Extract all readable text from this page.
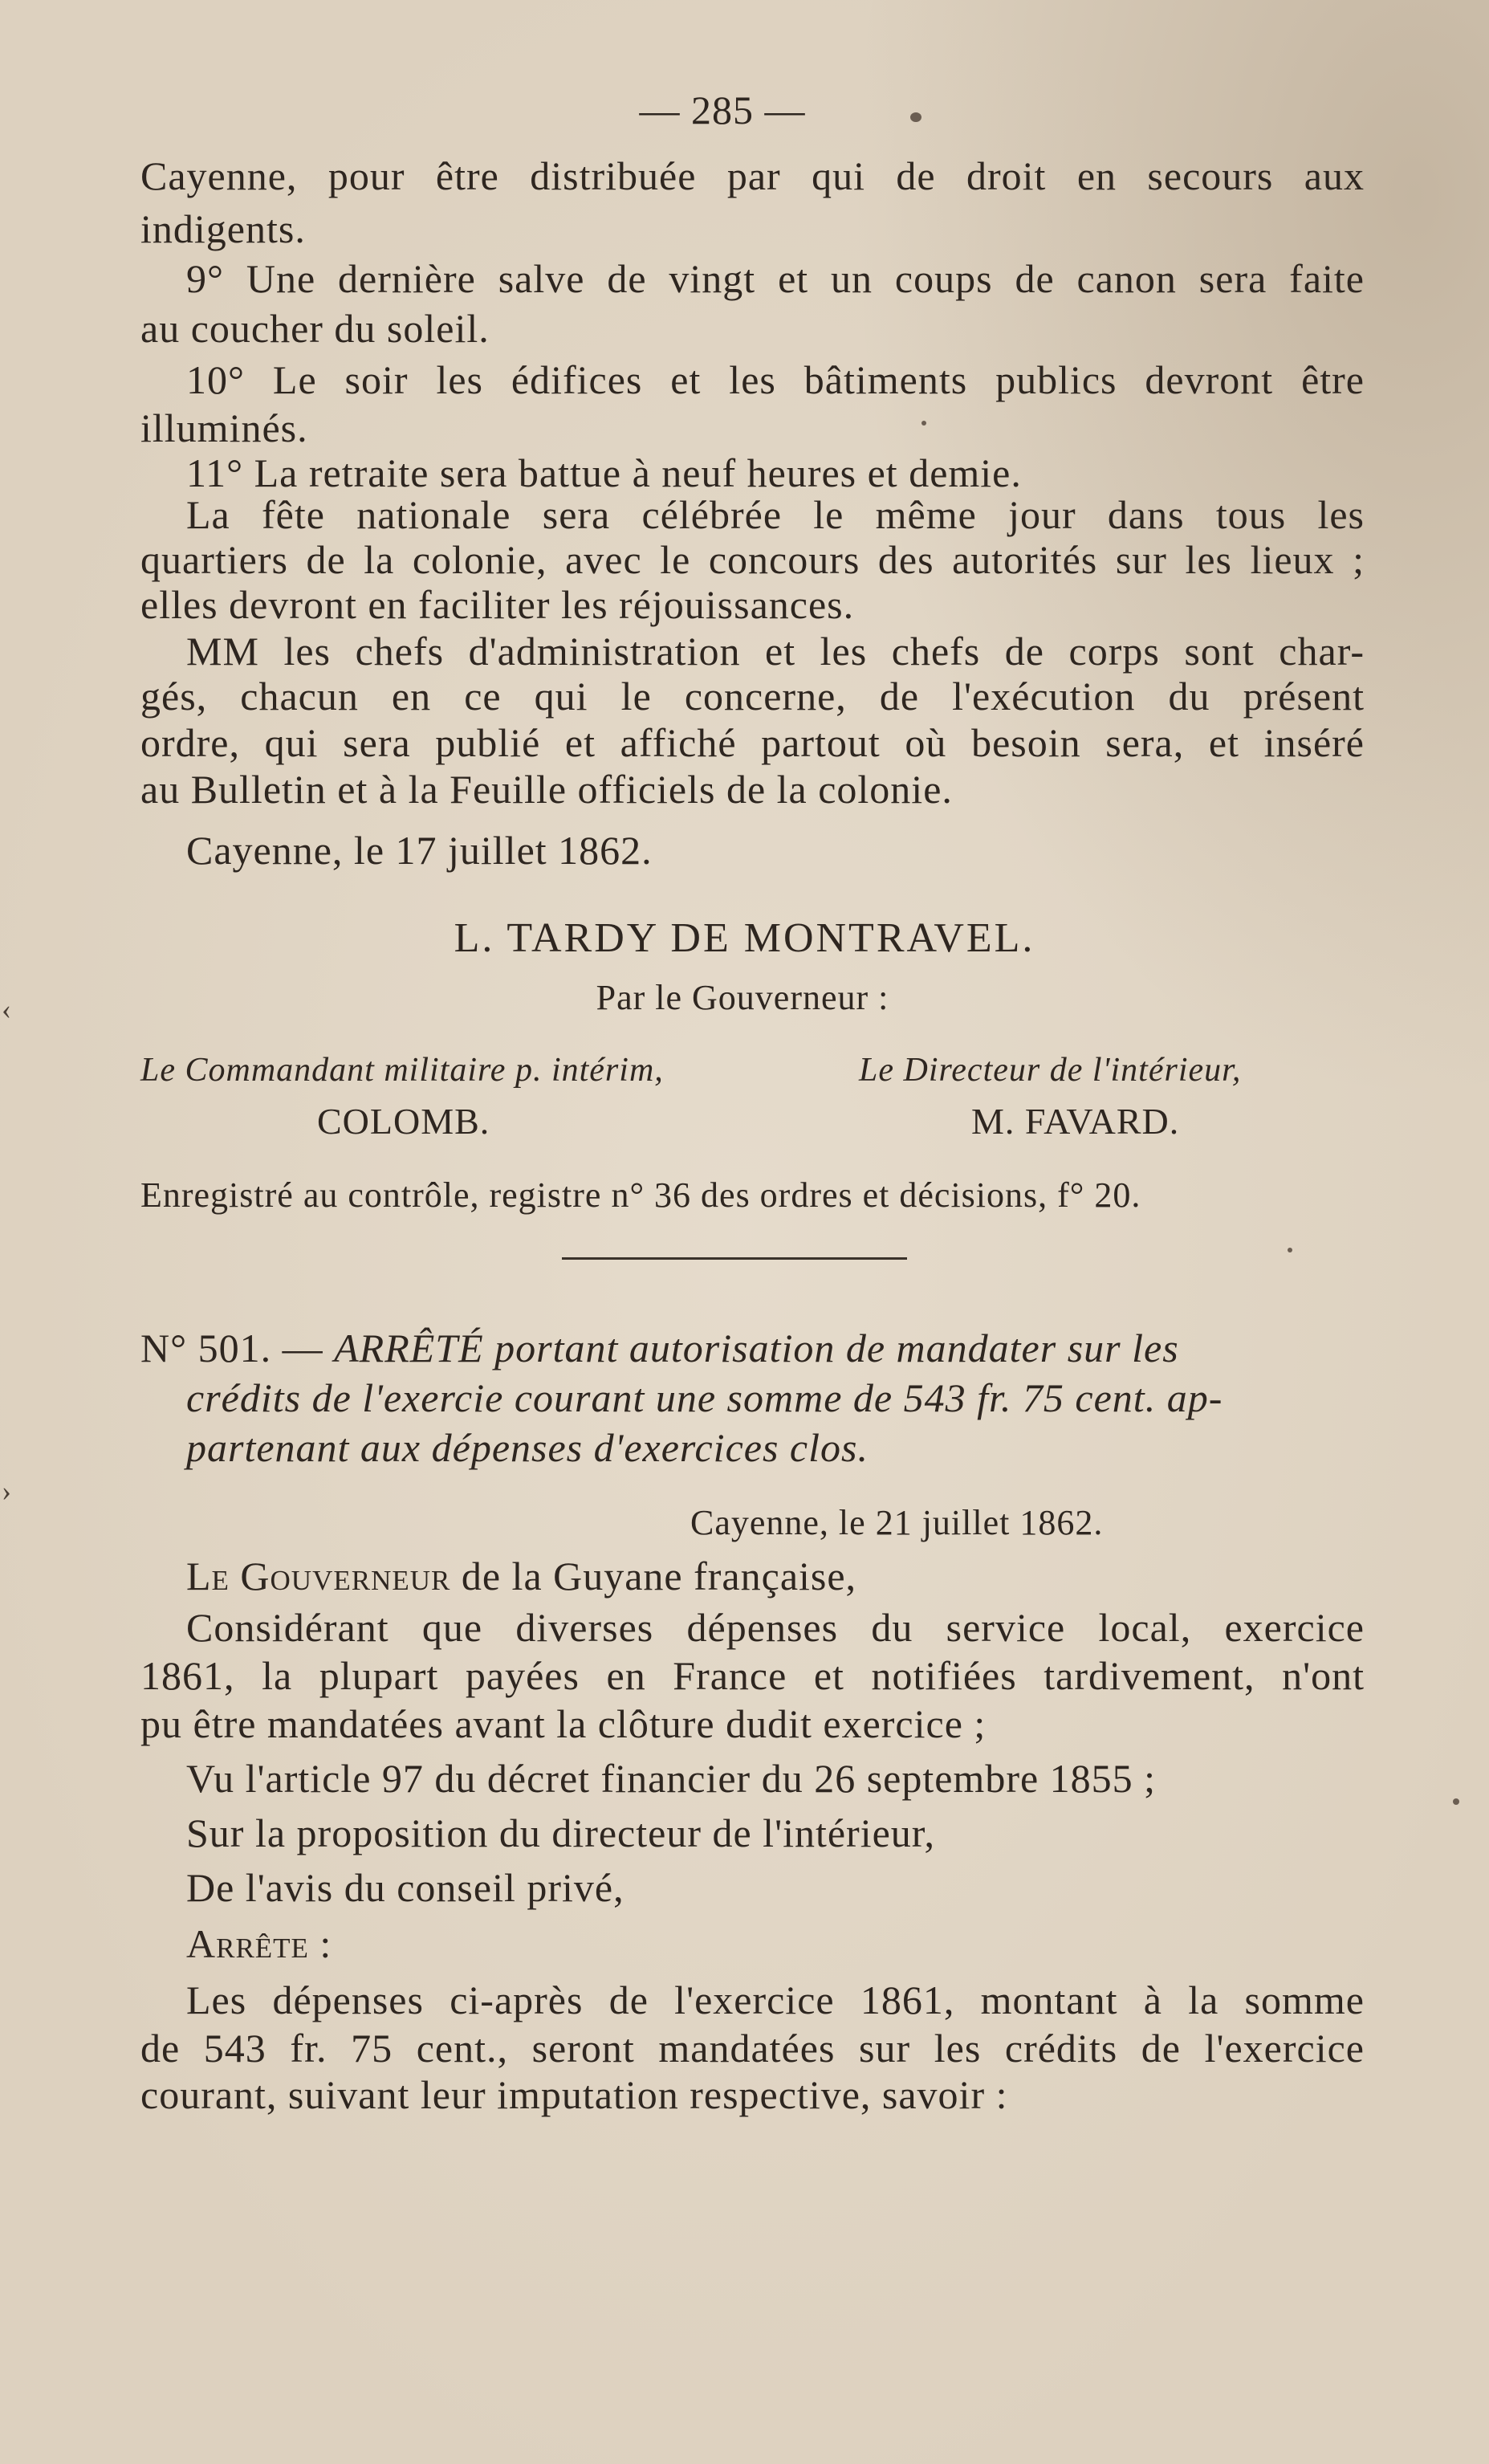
— 285 —
Cayenne, pour être distribuée par qui de droit en secours aux
indigents.
9° Une dernière salve de vingt et un coups de canon sera faite
au coucher du soleil.
10° Le soir les édifices et les bâtiments publics devront être
illuminés.
11° La retraite sera battue à neuf heures et demie.
La fête nationale sera célébrée le même jour dans tous les
quartiers de la colonie, avec le concours des autorités sur les lieux ;
elles devront en faciliter les réjouissances.
MM les chefs d'administration et les chefs de corps sont char-
gés, chacun en ce qui le concerne, de l'exécution du présent
ordre, qui sera publié et affiché partout où besoin sera, et inséré
au Bulletin et à la Feuille officiels de la colonie.
Cayenne, le 17 juillet 1862.
L. TARDY DE MONTRAVEL.
Par le Gouverneur :
Le Commandant militaire p. intérim,	Le Directeur de l'intérieur,
COLOMB.	M. FAVARD.
Enregistré au contrôle, registre n° 36 des ordres et décisions, f° 20.
N° 501. — ARRÊTÉ portant autorisation de mandater sur les
crédits de l'exercie courant une somme de 543 fr. 75 cent. ap-
partenant aux dépenses d'exercices clos.
Cayenne, le 21 juillet 1862.
Le Gouverneur de la Guyane française,
Considérant que diverses dépenses du service local, exercice
1861, la plupart payées en France et notifiées tardivement, n'ont
pu être mandatées avant la clôture dudit exercice ;
Vu l'article 97 du décret financier du 26 septembre 1855 ;
Sur la proposition du directeur de l'intérieur,
De l'avis du conseil privé,
Arrête :
Les dépenses ci-après de l'exercice 1861, montant à la somme
de 543 fr. 75 cent., seront mandatées sur les crédits de l'exercice
courant, suivant leur imputation respective, savoir :
‹
›
